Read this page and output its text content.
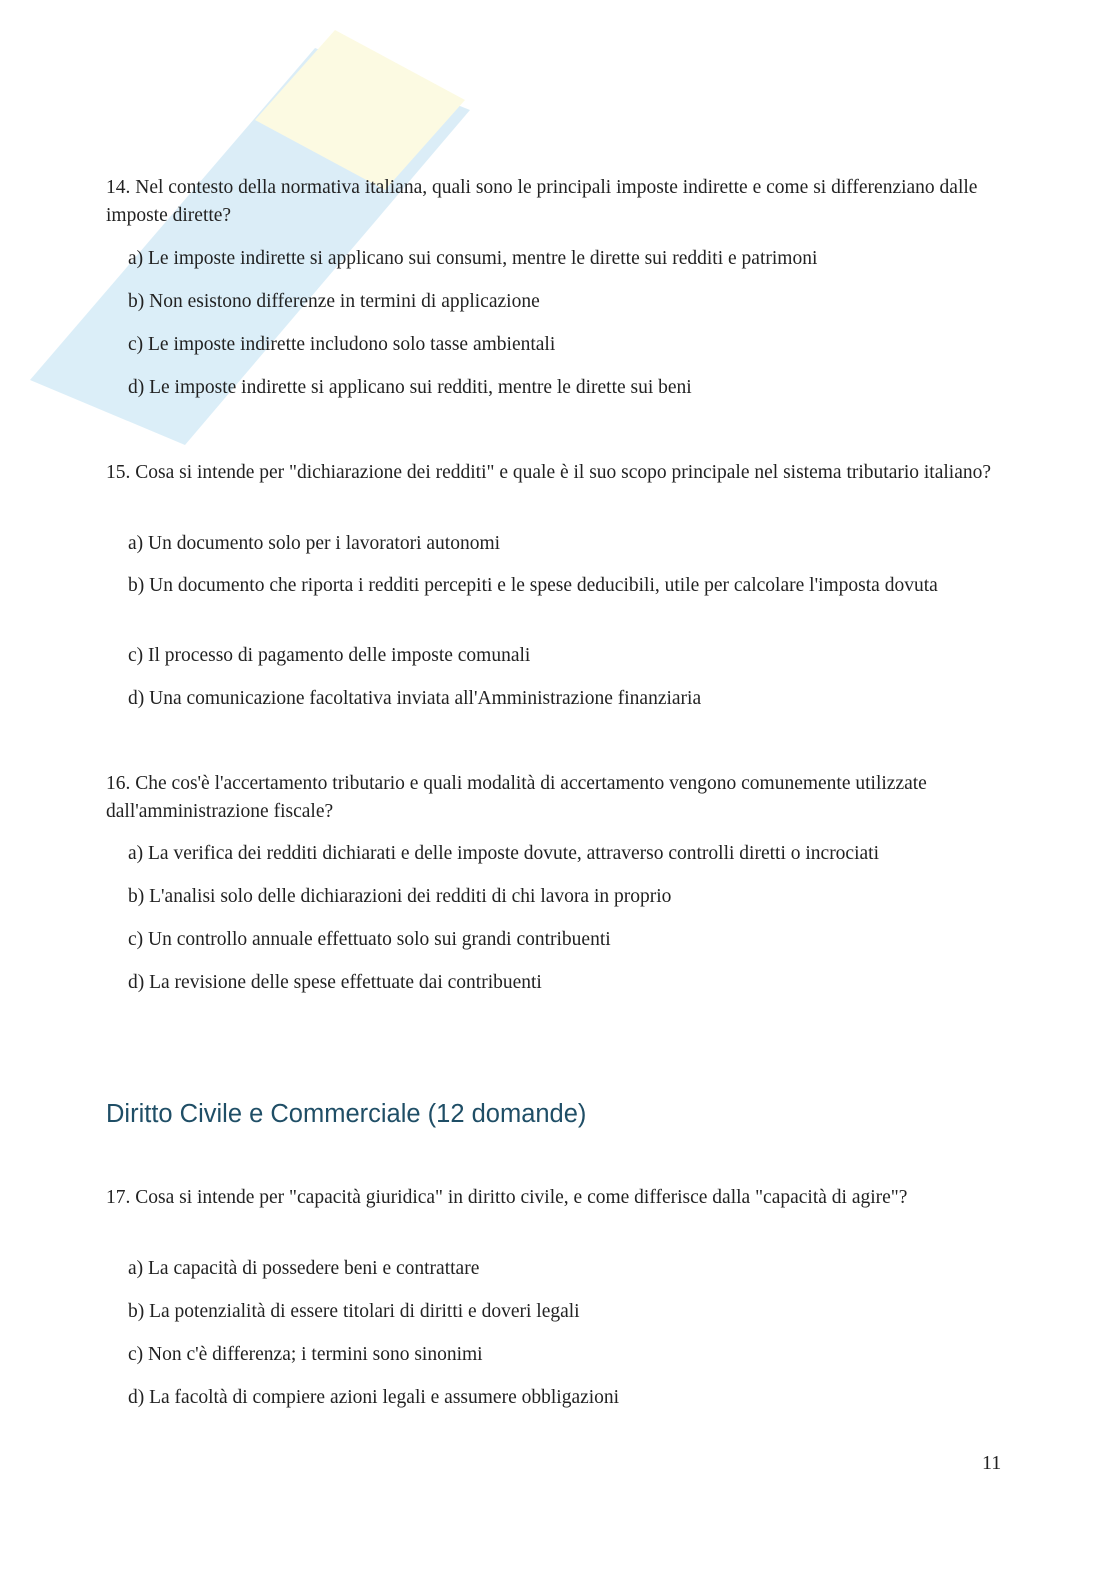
14. Nel contesto della normativa italiana, quali sono le principali imposte indirette e come si differenziano dalle imposte dirette?
a) Le imposte indirette si applicano sui consumi, mentre le dirette sui redditi e patrimoni
b) Non esistono differenze in termini di applicazione
c) Le imposte indirette includono solo tasse ambientali
d) Le imposte indirette si applicano sui redditi, mentre le dirette sui beni
15. Cosa si intende per "dichiarazione dei redditi" e quale è il suo scopo principale nel sistema tributario italiano?
a) Un documento solo per i lavoratori autonomi
b) Un documento che riporta i redditi percepiti e le spese deducibili, utile per calcolare l'imposta dovuta
c) Il processo di pagamento delle imposte comunali
d) Una comunicazione facoltativa inviata all'Amministrazione finanziaria
16. Che cos'è l'accertamento tributario e quali modalità di accertamento vengono comunemente utilizzate dall'amministrazione fiscale?
a) La verifica dei redditi dichiarati e delle imposte dovute, attraverso controlli diretti o incrociati
b) L'analisi solo delle dichiarazioni dei redditi di chi lavora in proprio
c) Un controllo annuale effettuato solo sui grandi contribuenti
d) La revisione delle spese effettuate dai contribuenti
Diritto Civile e Commerciale (12 domande)
17. Cosa si intende per "capacità giuridica" in diritto civile, e come differisce dalla "capacità di agire"?
a) La capacità di possedere beni e contrattare
b) La potenzialità di essere titolari di diritti e doveri legali
c) Non c'è differenza; i termini sono sinonimi
d) La facoltà di compiere azioni legali e assumere obbligazioni
11
